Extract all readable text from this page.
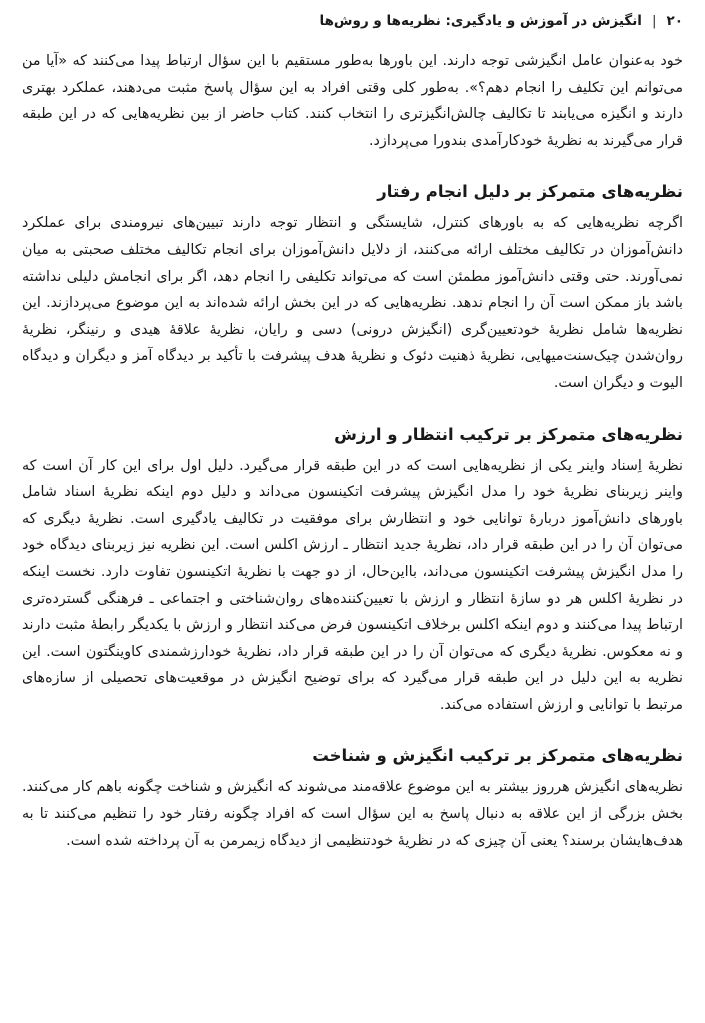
۲۰
|
انگیزش در آموزش و یادگیری: نظریه‌ها و روش‌ها

خود به‌عنوان عامل انگیزشی توجه دارند. این باورها به‌طور مستقیم با این سؤال ارتباط پیدا می‌کنند که «آیا من می‌توانم این تکلیف را انجام دهم؟». به‌طور کلی وقتی افراد به این سؤال پاسخ مثبت می‌دهند، عملکرد بهتری دارند و انگیزه می‌یابند تا تکالیف چالش‌انگیزتری را انتخاب کنند. کتاب حاضر از بین نظریه‌هایی که در این طبقه قرار می‌گیرند به نظریهٔ خودکارآمدی بندورا می‌پردازد.

نظریه‌های متمرکز بر دلیل انجام رفتار

اگرچه نظریه‌هایی که به باورهای کنترل، شایستگی و انتظار توجه دارند تبیین‌های نیرومندی برای عملکرد دانش‌آموزان در تکالیف مختلف ارائه می‌کنند، از دلایل دانش‌آموزان برای انجام تکالیف مختلف صحبتی به میان نمی‌آورند. حتی وقتی دانش‌آموز مطمئن است که می‌تواند تکلیفی را انجام دهد، اگر برای انجامش دلیلی نداشته باشد باز ممکن است آن را انجام ندهد. نظریه‌هایی که در این بخش ارائه شده‌اند به این موضوع می‌پردازند. این نظریه‌ها شامل نظریهٔ خودتعیین‌گری (انگیزش درونی) دسی و رایان، نظریهٔ علاقهٔ هیدی و رنینگر، نظریهٔ روان‌شدن چیک‌سنت‌میهایی، نظریهٔ ذهنیت دئوک و نظریهٔ هدف پیشرفت با تأکید بر دیدگاه آمز و دیگران و دیدگاه الیوت و دیگران است.

نظریه‌های متمرکز بر ترکیب انتظار و ارزش

نظریهٔ اِسناد واینر یکی از نظریه‌هایی است که در این طبقه قرار می‌گیرد. دلیل اول برای این کار آن است که واینر زیربنای نظریهٔ خود را مدل انگیزش پیشرفت اتکینسون می‌داند و دلیل دوم اینکه نظریهٔ اسناد شامل باورهای دانش‌آموز دربارهٔ توانایی خود و انتظارش برای موفقیت در تکالیف یادگیری است. نظریهٔ دیگری که می‌توان آن را در این طبقه قرار داد، نظریهٔ جدید انتظار ـ ارزش اکلس است. این نظریه نیز زیربنای دیدگاه خود را مدل انگیزش پیشرفت اتکینسون می‌داند، بااین‌حال، از دو جهت با نظریهٔ اتکینسون تفاوت دارد. نخست اینکه در نظریهٔ اکلس هر دو سازهٔ انتظار و ارزش با تعیین‌کننده‌های روان‌شناختی و اجتماعی ـ فرهنگی گسترده‌تری ارتباط پیدا می‌کنند و دوم اینکه اکلس برخلاف اتکینسون فرض می‌کند انتظار و ارزش با یکدیگر رابطهٔ مثبت دارند و نه معکوس. نظریهٔ دیگری که می‌توان آن را در این طبقه قرار داد، نظریهٔ خودارزشمندی کاوینگتون است. این نظریه به این دلیل در این طبقه قرار می‌گیرد که برای توضیح انگیزش در موقعیت‌های تحصیلی از سازه‌های مرتبط با توانایی و ارزش استفاده می‌کند.

نظریه‌های متمرکز بر ترکیب انگیزش و شناخت

نظریه‌های انگیزش هرروز بیشتر به این موضوع علاقه‌مند می‌شوند که انگیزش و شناخت چگونه باهم کار می‌کنند. بخش بزرگی از این علاقه به دنبال پاسخ به این سؤال است که افراد چگونه رفتار خود را تنظیم می‌کنند تا به هدف‌هایشان برسند؟ یعنی آن چیزی که در نظریهٔ خودتنظیمی از دیدگاه زیمرمن به آن پرداخته شده است.
